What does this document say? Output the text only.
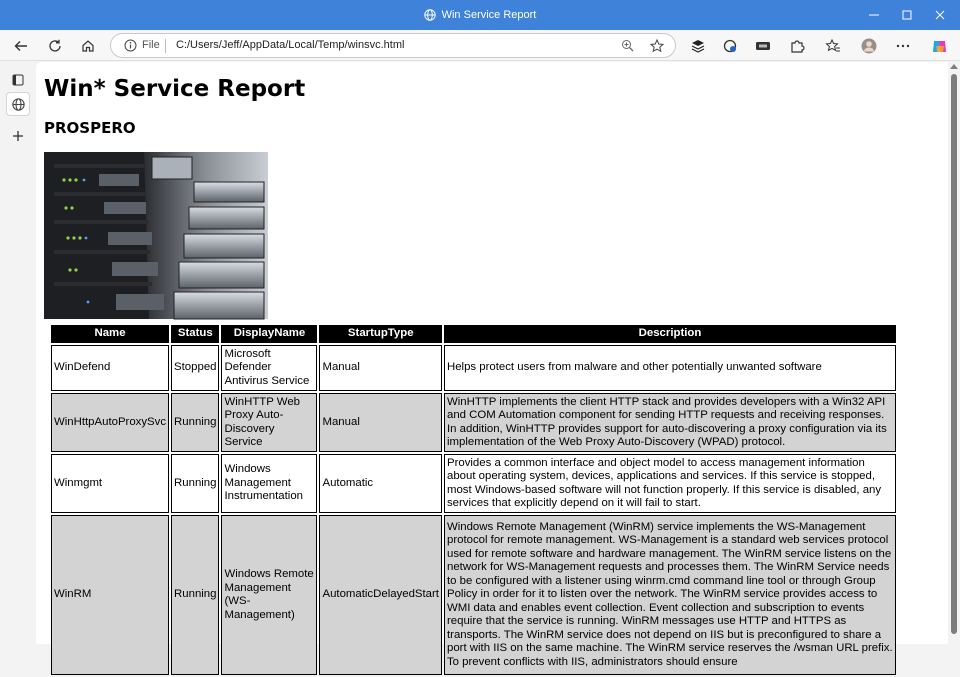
Win Service Report
File C:/Users/Jeff/AppData/Local/Temp/winsvc.html
Win* Service Report
PROSPERO
Name	Status	DisplayName	StartupType	Description
WinDefend	Stopped	Microsoft Defender Antivirus Service	Manual	Helps protect users from malware and other potentially unwanted software
WinHttpAutoProxySvc	Running	WinHTTP Web Proxy Auto-Discovery Service	Manual	WinHTTP implements the client HTTP stack and provides developers with a Win32 API and COM Automation component for sending HTTP requests and receiving responses. In addition, WinHTTP provides support for auto-discovering a proxy configuration via its implementation of the Web Proxy Auto-Discovery (WPAD) protocol.
Winmgmt	Running	Windows Management Instrumentation	Automatic	Provides a common interface and object model to access management information about operating system, devices, applications and services. If this service is stopped, most Windows-based software will not function properly. If this service is disabled, any services that explicitly depend on it will fail to start.
WinRM	Running	Windows Remote Management (WS-Management)	AutomaticDelayedStart	Windows Remote Management (WinRM) service implements the WS-Management protocol for remote management. WS-Management is a standard web services protocol used for remote software and hardware management. The WinRM service listens on the network for WS-Management requests and processes them. The WinRM Service needs to be configured with a listener using winrm.cmd command line tool or through Group Policy in order for it to listen over the network. The WinRM service provides access to WMI data and enables event collection. Event collection and subscription to events require that the service is running. WinRM messages use HTTP and HTTPS as transports. The WinRM service does not depend on IIS but is preconfigured to share a port with IIS on the same machine. The WinRM service reserves the /wsman URL prefix. To prevent conflicts with IIS, administrators should ensure
